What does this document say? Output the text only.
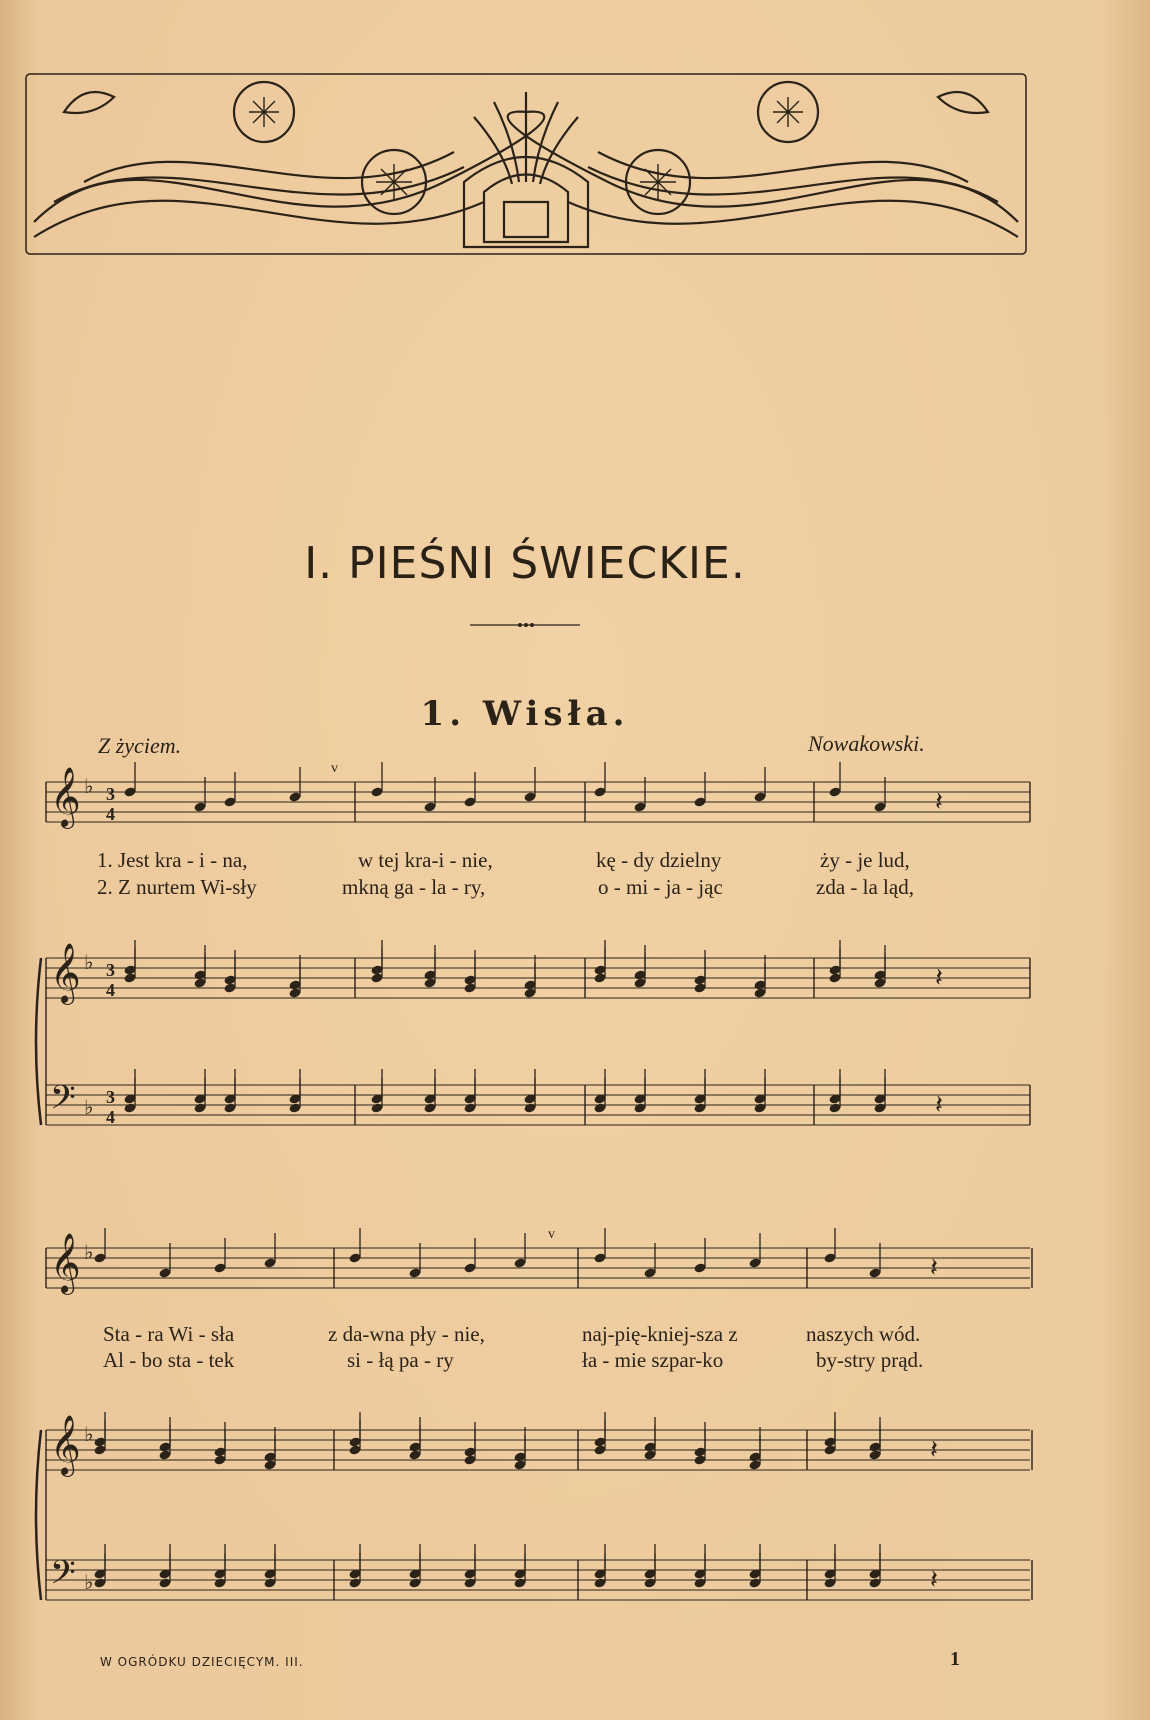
I. PIEŚNI ŚWIECKIE.
1. Wisła.
Z życiem.	Nowakowski.
𝄞 ♭
𝄞 ♭
𝄢 ♭
3
4
3
4
3
4
𝄽
𝄽
𝄽
𝄞 ♭
𝄞 ♭
𝄢 ♭
𝄽
𝄽
𝄽
v
v
1. Jest kra - i - na,	w tej kra-i - nie,	kę - dy dzielny	ży - je lud,
2. Z nurtem Wi-sły	mkną ga - la - ry,	o - mi - ja - jąc	zda - la ląd,
Sta - ra Wi - sła	z da-wna pły - nie,	naj-pię-kniej-sza z	naszych wód.
Al - bo sta - tek	si - łą pa - ry	ła - mie szpar-ko	by-stry prąd.
W OGRÓDKU DZIECIĘCYM. III.	1
